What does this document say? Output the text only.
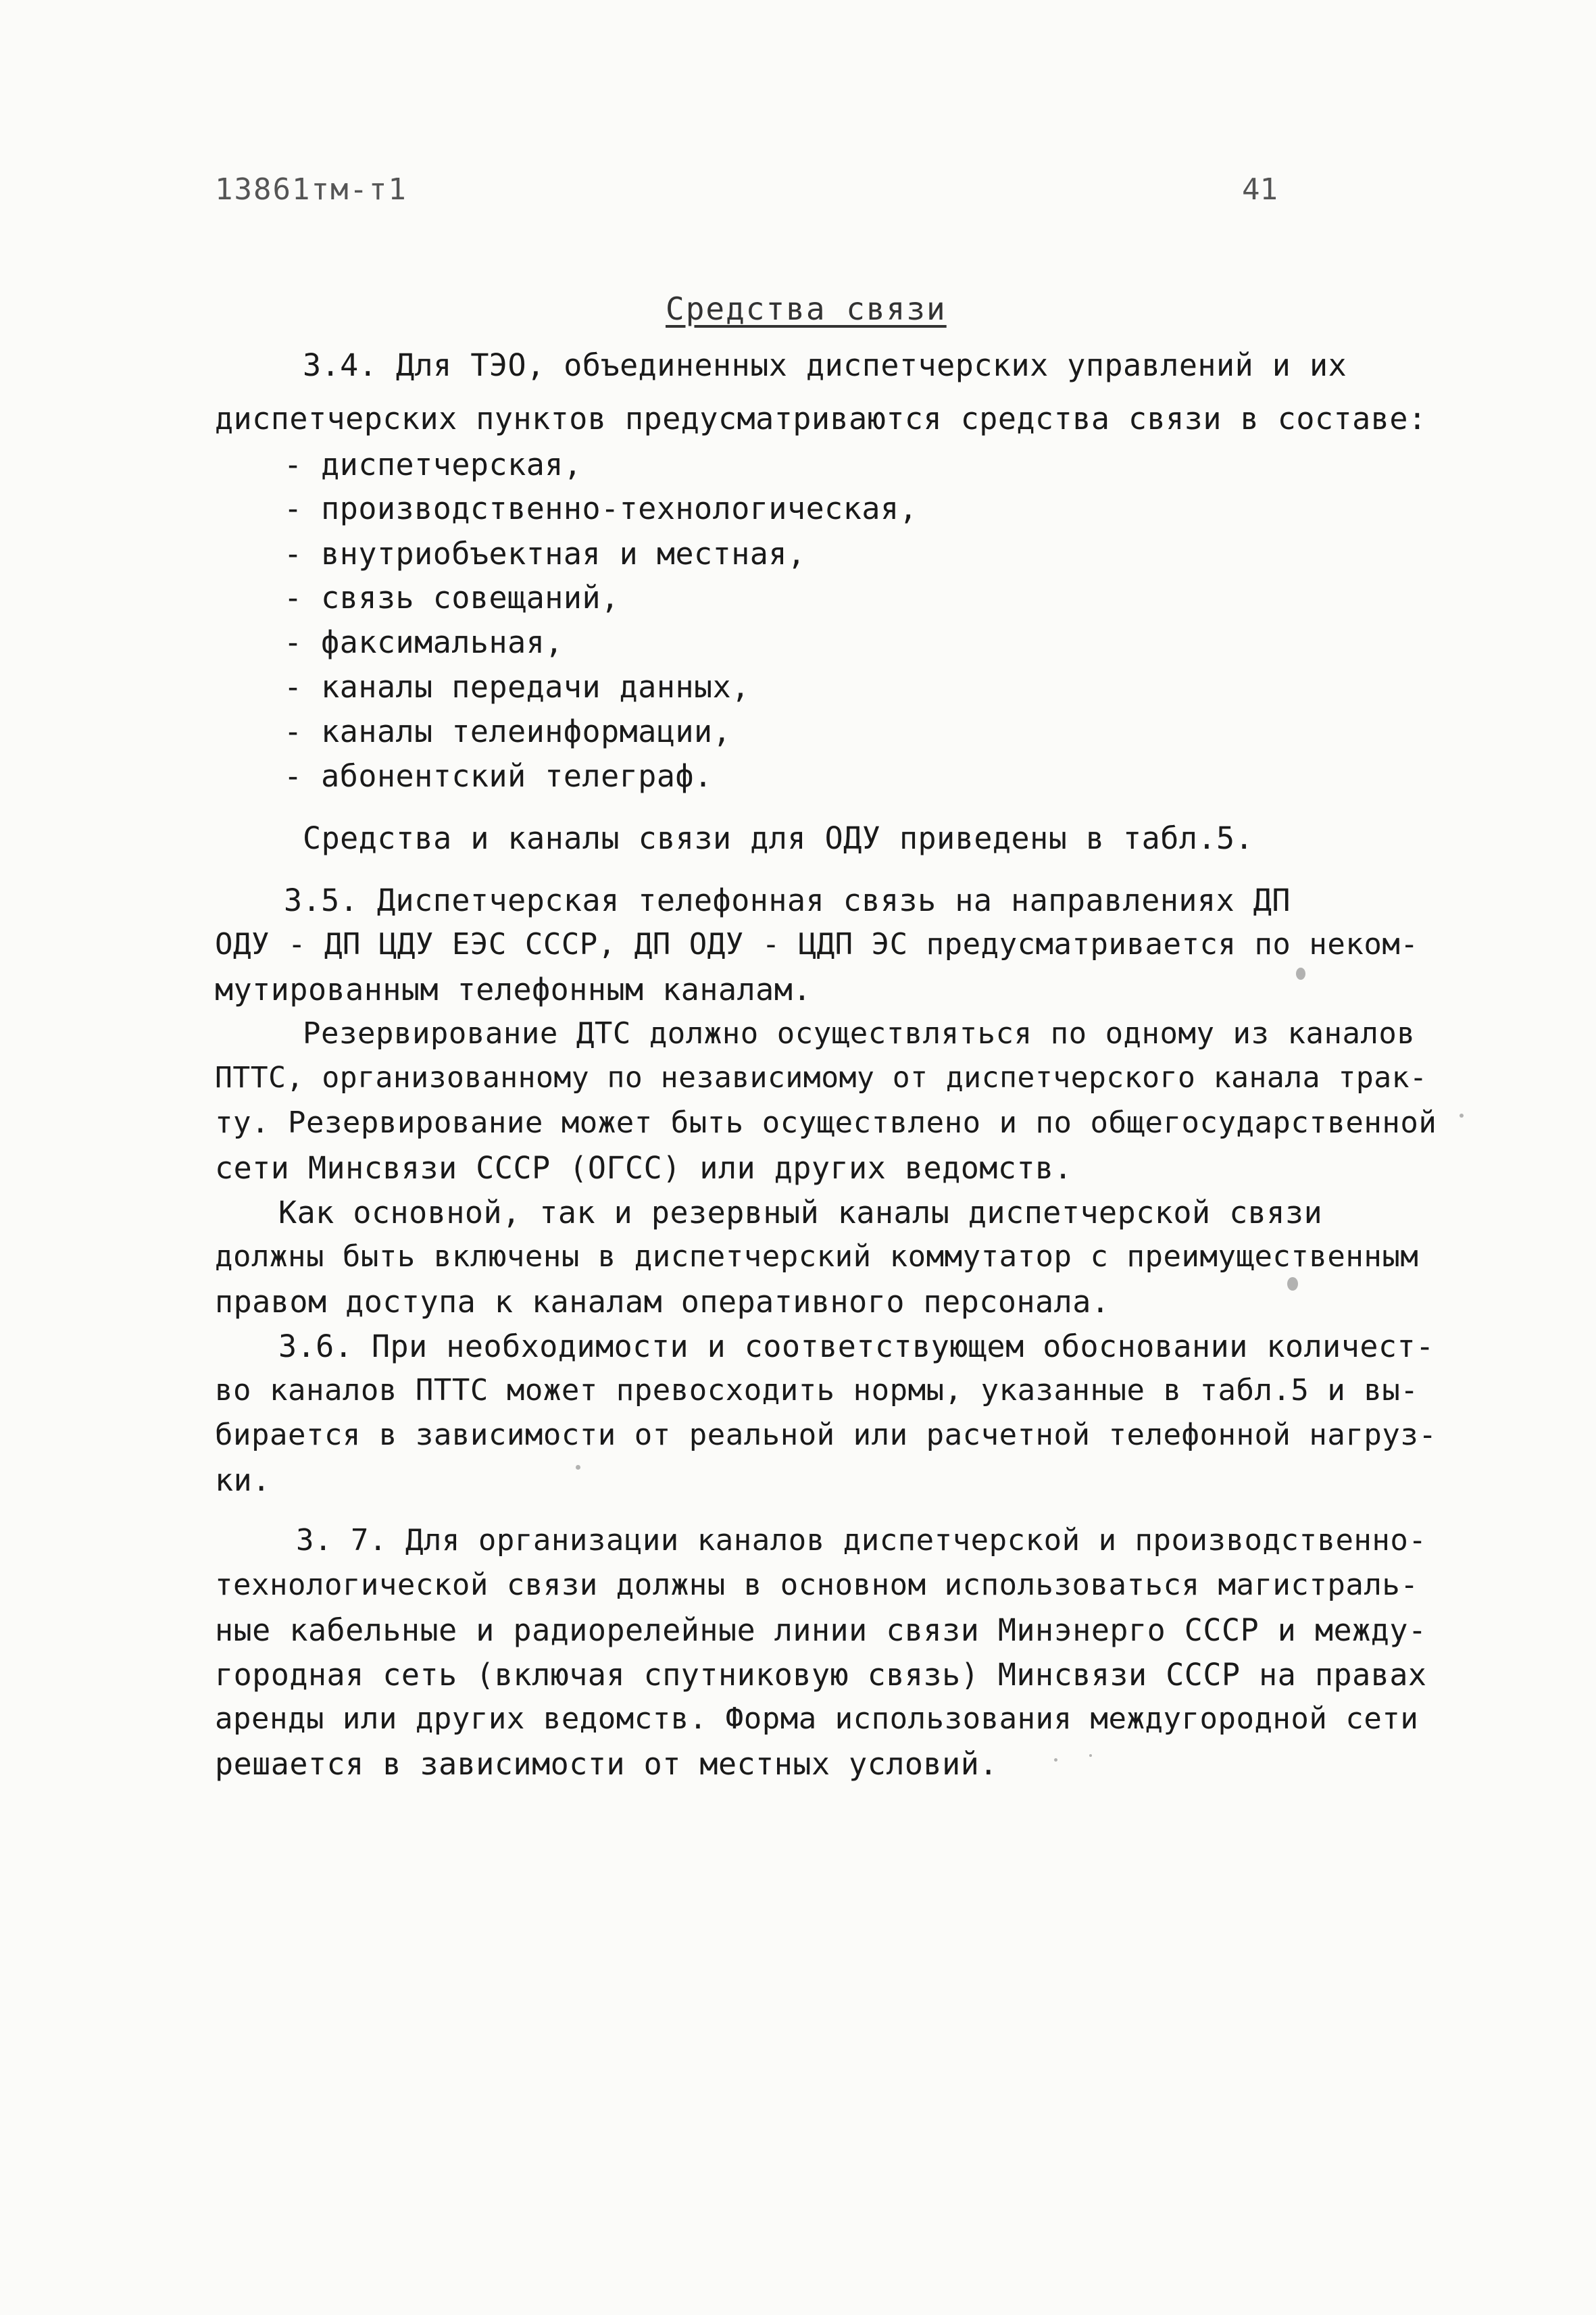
13861тм-т1	41
Средства связи
3.4. Для ТЭО, объединенных диспетчерских управлений и их
диспетчерских пунктов предусматриваются средства связи в составе:
- диспетчерская,
- производственно-технологическая,
- внутриобъектная и местная,
- связь совещаний,
- факсимальная,
- каналы передачи данных,
- каналы телеинформации,
- абонентский телеграф.
Средства и каналы связи для ОДУ приведены в табл.5.
3.5. Диспетчерская телефонная связь на направлениях ДП
ОДУ - ДП ЦДУ ЕЭС СССР, ДП ОДУ - ЦДП ЭС предусматривается по неком-
мутированным телефонным каналам.
Резервирование ДТС должно осуществляться по одному из каналов
ПТТС, организованному по независимому от диспетчерского канала трак-
ту. Резервирование может быть осуществлено и по общегосударственной
сети Минсвязи СССР (ОГСС) или других ведомств.
Как основной, так и резервный каналы диспетчерской связи
должны быть включены в диспетчерский коммутатор с преимущественным
правом доступа к каналам оперативного персонала.
3.6. При необходимости и соответствующем обосновании количест-
во каналов ПТТС может превосходить нормы, указанные в табл.5 и вы-
бирается в зависимости от реальной или расчетной телефонной нагруз-
ки.
3. 7. Для организации каналов диспетчерской и производственно-
технологической связи должны в основном использоваться магистраль-
ные кабельные и радиорелейные линии связи Минэнерго СССР и между-
городная сеть (включая спутниковую связь) Минсвязи СССР на правах
аренды или других ведомств. Форма использования междугородной сети
решается в зависимости от местных условий.
